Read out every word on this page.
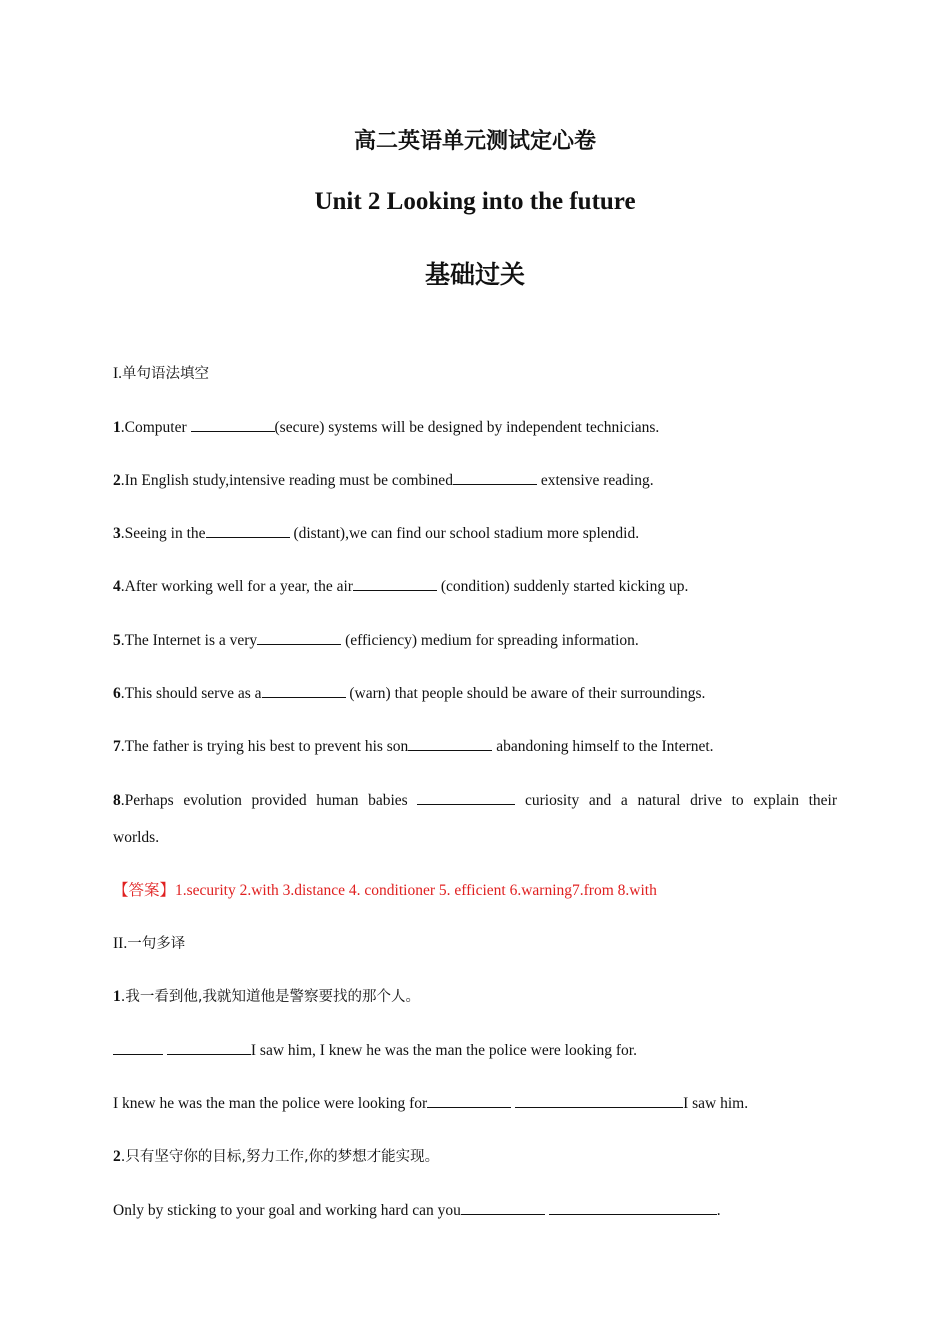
高二英语单元测试定心卷
Unit 2 Looking into the future
基础过关
I.单句语法填空
1.Computer	(secure) systems will be designed by independent technicians.
2.In English study,intensive reading must be combined	extensive reading.
3.Seeing in the	(distant),we can find our school stadium more splendid.
4.After working well for a year, the air	(condition) suddenly started kicking up.
5.The Internet is a very	(efficiency) medium for spreading information.
6.This should serve as a	(warn) that people should be aware of their surroundings.
7.The father is trying his best to prevent his son	abandoning himself to the Internet.
8.Perhaps evolution provided human babies	curiosity and a natural drive to explain their
worlds.
【答案】1.security 2.with 3.distance 4. conditioner 5. efficient 6.warning7.from 8.with
II.一句多译
1.我一看到他,我就知道他是警察要找的那个人。
I saw him, I knew he was the man the police were looking for.
I knew he was the man the police were looking for	I saw him.
2.只有坚守你的目标,努力工作,你的梦想才能实现。
Only by sticking to your goal and working hard can you	.
